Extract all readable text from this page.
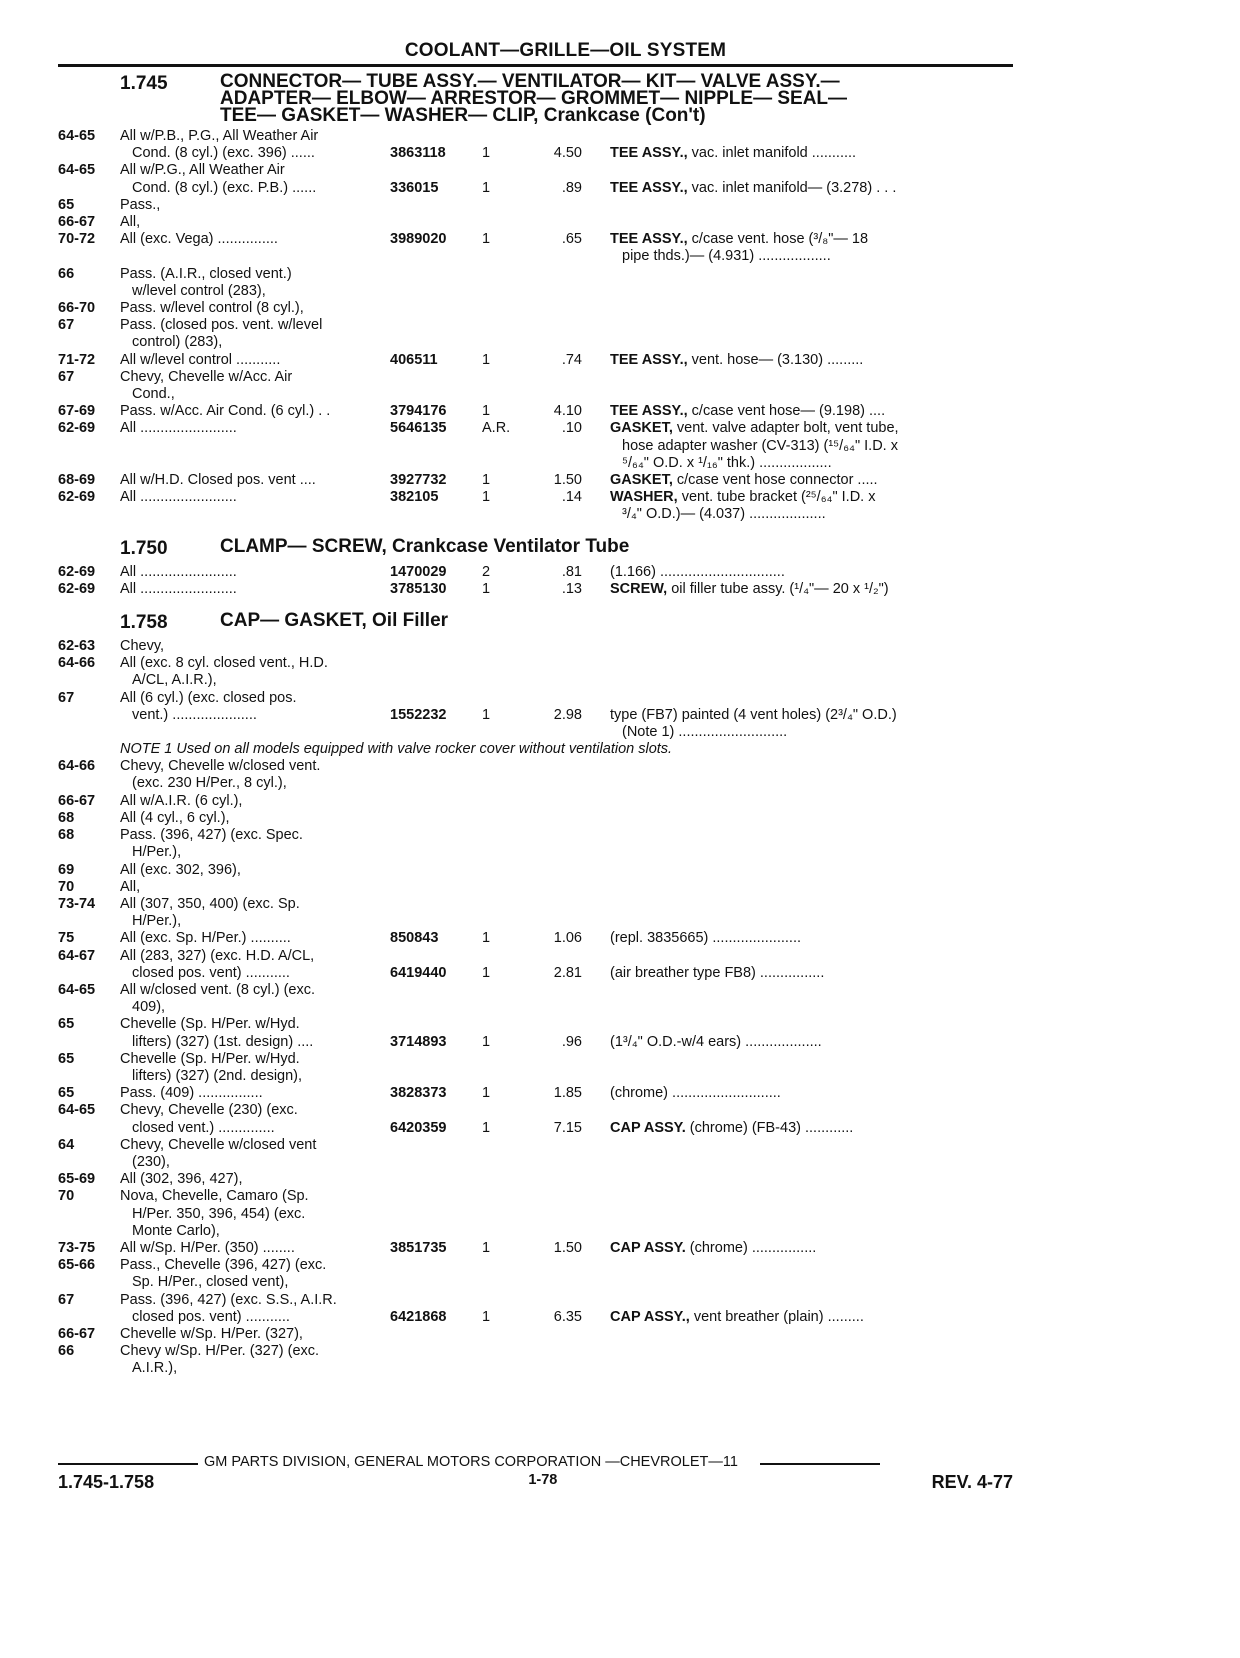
COOLANT—GRILLE—OIL SYSTEM
1.745	CONNECTOR— TUBE ASSY.— VENTILATOR— KIT— VALVE ASSY.—
ADAPTER— ELBOW— ARRESTOR— GROMMET— NIPPLE— SEAL—
TEE— GASKET— WASHER— CLIP, Crankcase (Con't)
64-65	All w/P.B., P.G., All Weather Air
Cond. (8 cyl.) (exc. 396) ......	3863118	1	4.50	TEE ASSY., vac. inlet manifold ...........
64-65	All w/P.G., All Weather Air
Cond. (8 cyl.) (exc. P.B.) ......	336015	1	.89	TEE ASSY., vac. inlet manifold— (3.278) . . .
65	Pass.,
66-67	All,
70-72	All (exc. Vega) ...............	3989020	1	.65	TEE ASSY., c/case vent. hose (³/₈"— 18
pipe thds.)— (4.931) ..................
66	Pass. (A.I.R., closed vent.)
w/level control (283),
66-70	Pass. w/level control (8 cyl.),
67	Pass. (closed pos. vent. w/level
control) (283),
71-72	All w/level control ...........	406511	1	.74	TEE ASSY., vent. hose— (3.130) .........
67	Chevy, Chevelle w/Acc. Air
Cond.,
67-69	Pass. w/Acc. Air Cond. (6 cyl.) . .	3794176	1	4.10	TEE ASSY., c/case vent hose— (9.198) ....
62-69	All ........................	5646135	A.R.	.10	GASKET, vent. valve adapter bolt, vent tube,
hose adapter washer (CV-313) (¹⁵/₆₄" I.D. x
⁵/₆₄" O.D. x ¹/₁₆" thk.) ..................
68-69	All w/H.D. Closed pos. vent ....	3927732	1	1.50	GASKET, c/case vent hose connector .....
62-69	All ........................	382105	1	.14	WASHER, vent. tube bracket (²⁵/₆₄" I.D. x
³/₄" O.D.)— (4.037) ...................
1.750	CLAMP— SCREW, Crankcase Ventilator Tube
62-69	All ........................	1470029	2	.81	(1.166) ...............................
62-69	All ........................	3785130	1	.13	SCREW, oil filler tube assy. (¹/₄"— 20 x ¹/₂")
1.758	CAP— GASKET, Oil Filler
62-63	Chevy,
64-66	All (exc. 8 cyl. closed vent., H.D.
A/CL, A.I.R.),
67	All (6 cyl.) (exc. closed pos.
vent.) .....................	1552232	1	2.98	type (FB7) painted (4 vent holes) (2³/₄" O.D.)
(Note 1) ...........................
NOTE 1 Used on all models equipped with valve rocker cover without ventilation slots.
64-66	Chevy, Chevelle w/closed vent.
(exc. 230 H/Per., 8 cyl.),
66-67	All w/A.I.R. (6 cyl.),
68	All (4 cyl., 6 cyl.),
68	Pass. (396, 427) (exc. Spec.
H/Per.),
69	All (exc. 302, 396),
70	All,
73-74	All (307, 350, 400) (exc. Sp.
H/Per.),
75	All (exc. Sp. H/Per.) ..........	850843	1	1.06	(repl. 3835665) ......................
64-67	All (283, 327) (exc. H.D. A/CL,
closed pos. vent) ...........	6419440	1	2.81	(air breather type FB8) ................
64-65	All w/closed vent. (8 cyl.) (exc.
409),
65	Chevelle (Sp. H/Per. w/Hyd.
lifters) (327) (1st. design) ....	3714893	1	.96	(1³/₄" O.D.-w/4 ears) ...................
65	Chevelle (Sp. H/Per. w/Hyd.
lifters) (327) (2nd. design),
65	Pass. (409) ................	3828373	1	1.85	(chrome) ...........................
64-65	Chevy, Chevelle (230) (exc.
closed vent.) ..............	6420359	1	7.15	CAP ASSY. (chrome) (FB-43) ............
64	Chevy, Chevelle w/closed vent
(230),
65-69	All (302, 396, 427),
70	Nova, Chevelle, Camaro (Sp.
H/Per. 350, 396, 454) (exc.
Monte Carlo),
73-75	All w/Sp. H/Per. (350) ........	3851735	1	1.50	CAP ASSY. (chrome) ................
65-66	Pass., Chevelle (396, 427) (exc.
Sp. H/Per., closed vent),
67	Pass. (396, 427) (exc. S.S., A.I.R.
closed pos. vent) ...........	6421868	1	6.35	CAP ASSY., vent breather (plain) .........
66-67	Chevelle w/Sp. H/Per. (327),
66	Chevy w/Sp. H/Per. (327) (exc.
A.I.R.),
GM PARTS DIVISION, GENERAL MOTORS CORPORATION —CHEVROLET—11
1.745-1.758	1-78	REV. 4-77
